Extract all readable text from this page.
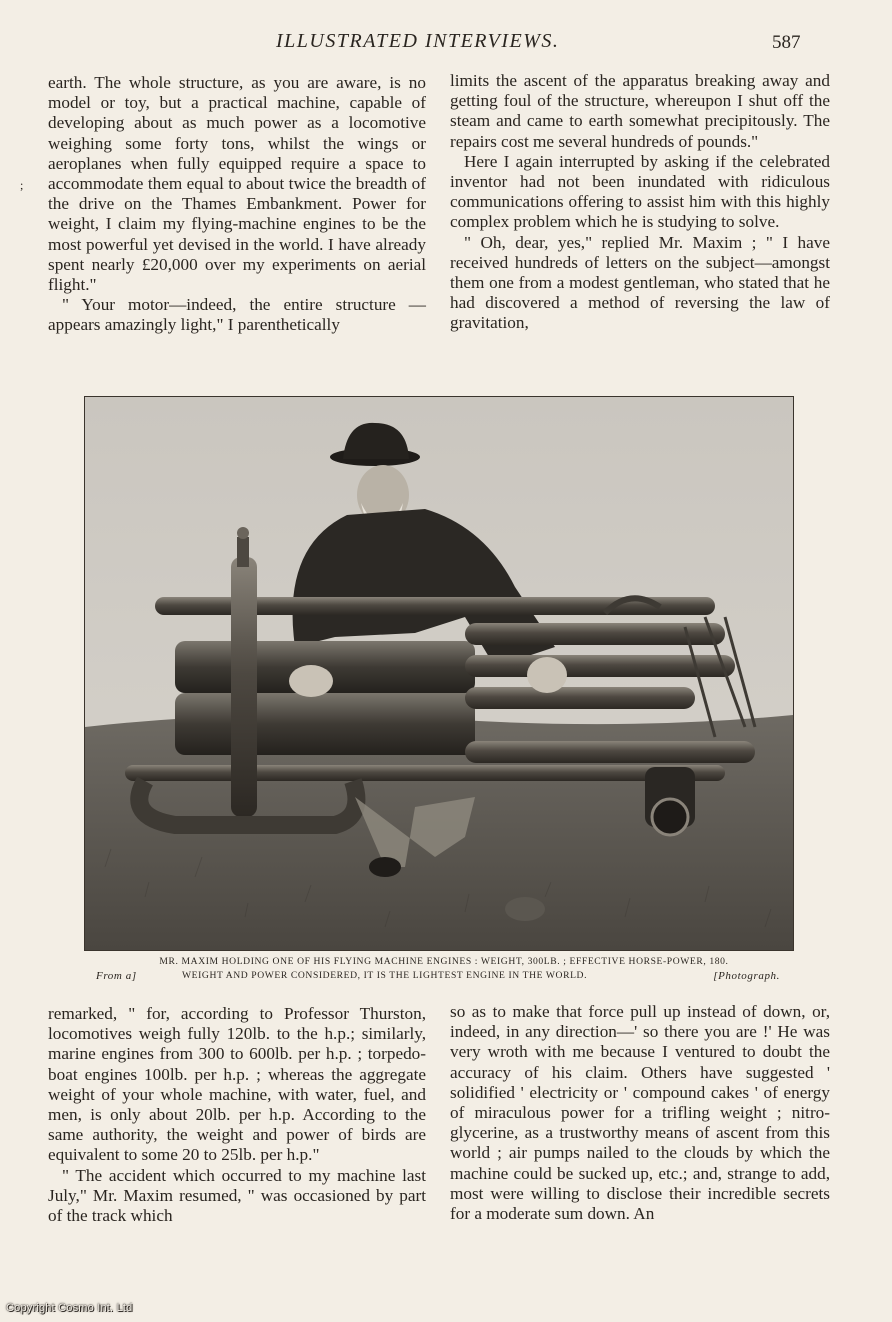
ILLUSTRATED INTERVIEWS.	587
;

earth. The whole structure, as you are aware, is no model or toy, but a practical machine, capable of developing about as much power as a locomotive weighing some forty tons, whilst the wings or aeroplanes when fully equipped require a space to accommodate them equal to about twice the breadth of the drive on the Thames Embankment. Power for weight, I claim my flying-machine engines to be the most powerful yet devised in the world. I have already spent nearly £20,000 over my experiments on aerial flight."

" Your motor—indeed, the entire structure —appears amazingly light," I parenthetically

limits the ascent of the apparatus breaking away and getting foul of the structure, whereupon I shut off the steam and came to earth somewhat precipitously. The repairs cost me several hundreds of pounds."

Here I again interrupted by asking if the celebrated inventor had not been inundated with ridiculous communications offering to assist him with this highly complex problem which he is studying to solve.

" Oh, dear, yes," replied Mr. Maxim ; " I have received hundreds of letters on the subject—amongst them one from a modest gentleman, who stated that he had discovered a method of reversing the law of gravitation,

MR. MAXIM HOLDING ONE OF HIS FLYING MACHINE ENGINES : WEIGHT, 300LB. ; EFFECTIVE HORSE-POWER, 180.
From a]	WEIGHT AND POWER CONSIDERED, IT IS THE LIGHTEST ENGINE IN THE WORLD.	[Photograph.

remarked, " for, according to Professor Thurston, locomotives weigh fully 120lb. to the h.p.; similarly, marine engines from 300 to 600lb. per h.p. ; torpedo-boat engines 100lb. per h.p. ; whereas the aggregate weight of your whole machine, with water, fuel, and men, is only about 20lb. per h.p. According to the same authority, the weight and power of birds are equivalent to some 20 to 25lb. per h.p."

" The accident which occurred to my machine last July," Mr. Maxim resumed, " was occasioned by part of the track which

so as to make that force pull up instead of down, or, indeed, in any direction—' so there you are !' He was very wroth with me because I ventured to doubt the accuracy of his claim. Others have suggested ' solidified ' electricity or ' compound cakes ' of energy of miraculous power for a trifling weight ; nitro-glycerine, as a trustworthy means of ascent from this world ; air pumps nailed to the clouds by which the machine could be sucked up, etc.; and, strange to add, most were willing to disclose their incredible secrets for a moderate sum down. An

Copyright Cosmo Int. Ltd
